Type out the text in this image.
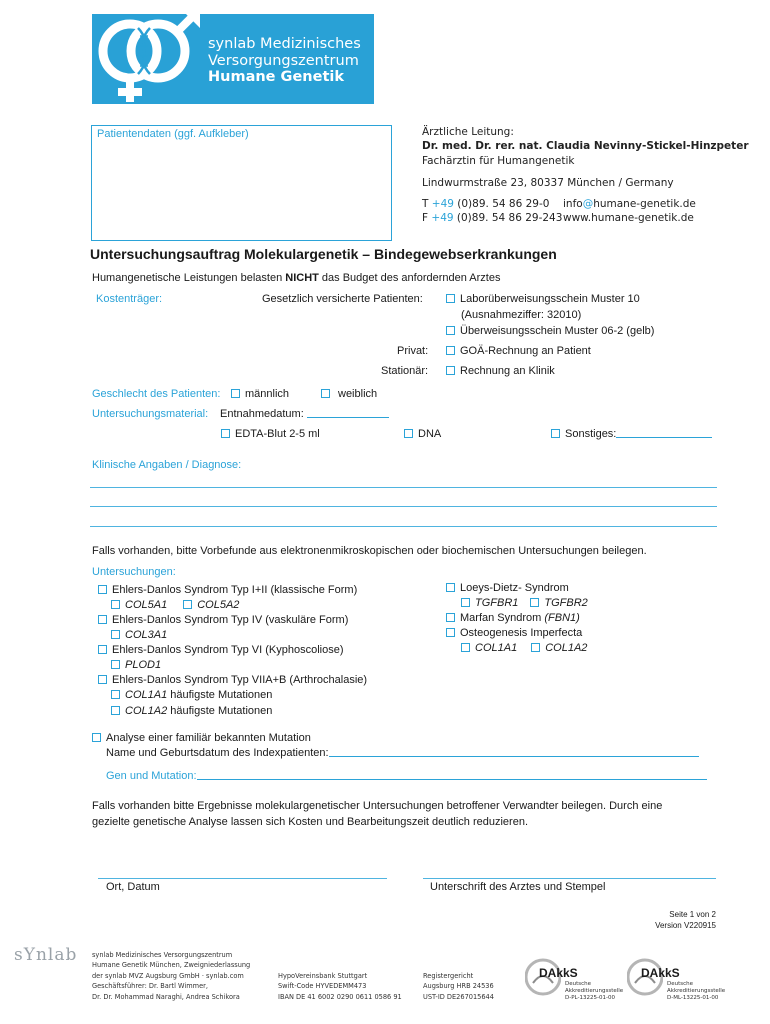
synlab Medizinisches
Versorgungszentrum
Humane Genetik
Patientendaten (ggf. Aufkleber)	Ärztliche Leitung:
Dr. med. Dr. rer. nat. Claudia Nevinny-Stickel-Hinzpeter
Fachärztin für Humangenetik
Lindwurmstraße 23, 80337 München / Germany
T +49 (0)89. 54 86 29-0
F +49 (0)89. 54 86 29-243
info@humane-genetik.de
www.humane-genetik.de
Untersuchungsauftrag Molekulargenetik – Bindegewebserkrankungen
Humangenetische Leistungen belasten NICHT das Budget des anfordernden Arztes
Kostenträger:	Gesetzlich versicherte Patienten:	Laborüberweisungsschein Muster 10
(Ausnahmeziffer: 32010)
Überweisungsschein Muster 06-2 (gelb)
Privat:	GOÄ-Rechnung an Patient
Stationär:	Rechnung an Klinik
Geschlecht des Patienten:	männlich	weiblich
Untersuchungsmaterial: Entnahmedatum:
EDTA-Blut 2-5 ml	DNA	Sonstiges:
Klinische Angaben / Diagnose:
Falls vorhanden, bitte Vorbefunde aus elektronenmikroskopischen oder biochemischen Untersuchungen beilegen.
Untersuchungen:
Ehlers-Danlos Syndrom Typ I+II (klassische Form)
COL5A1	COL5A2
Ehlers-Danlos Syndrom Typ IV (vaskuläre Form)
COL3A1
Ehlers-Danlos Syndrom Typ VI (Kyphoscoliose)
PLOD1
Ehlers-Danlos Syndrom Typ VIIA+B (Arthrochalasie)
COL1A1 häufigste Mutationen
COL1A2 häufigste Mutationen
Loeys-Dietz- Syndrom
TGFBR1 TGFBR2
Marfan Syndrom (FBN1)
Osteogenesis Imperfecta
COL1A1	COL1A2
Analyse einer familiär bekannten Mutation
Name und Geburtsdatum des Indexpatienten:
Gen und Mutation:
Falls vorhanden bitte Ergebnisse molekulargenetischer Untersuchungen betroffener Verwandter beilegen. Durch eine
gezielte genetische Analyse lassen sich Kosten und Bearbeitungszeit deutlich reduzieren.
Ort, Datum	Unterschrift des Arztes und Stempel
Seite 1 von 2
Version V220915
sYnlab synlab Medizinisches Versorgungszentrum
Humane Genetik München, Zweigniederlassung
der synlab MVZ Augsburg GmbH · synlab.com
Geschäftsführer: Dr. Bartl Wimmer,
Dr. Dr. Mohammad Naraghi, Andrea Schikora
HypoVereinsbank Stuttgart
Swift-Code HYVEDEMM473
IBAN DE 41 6002 0290 0611 0586 91
Registergericht
Augsburg HRB 24536
UST-ID DE267015644
DAkkS
Deutsche
Akkreditierungsstelle
D-PL-13225-01-00
DAkkS
Deutsche
Akkreditierungsstelle
D-ML-13225-01-00
